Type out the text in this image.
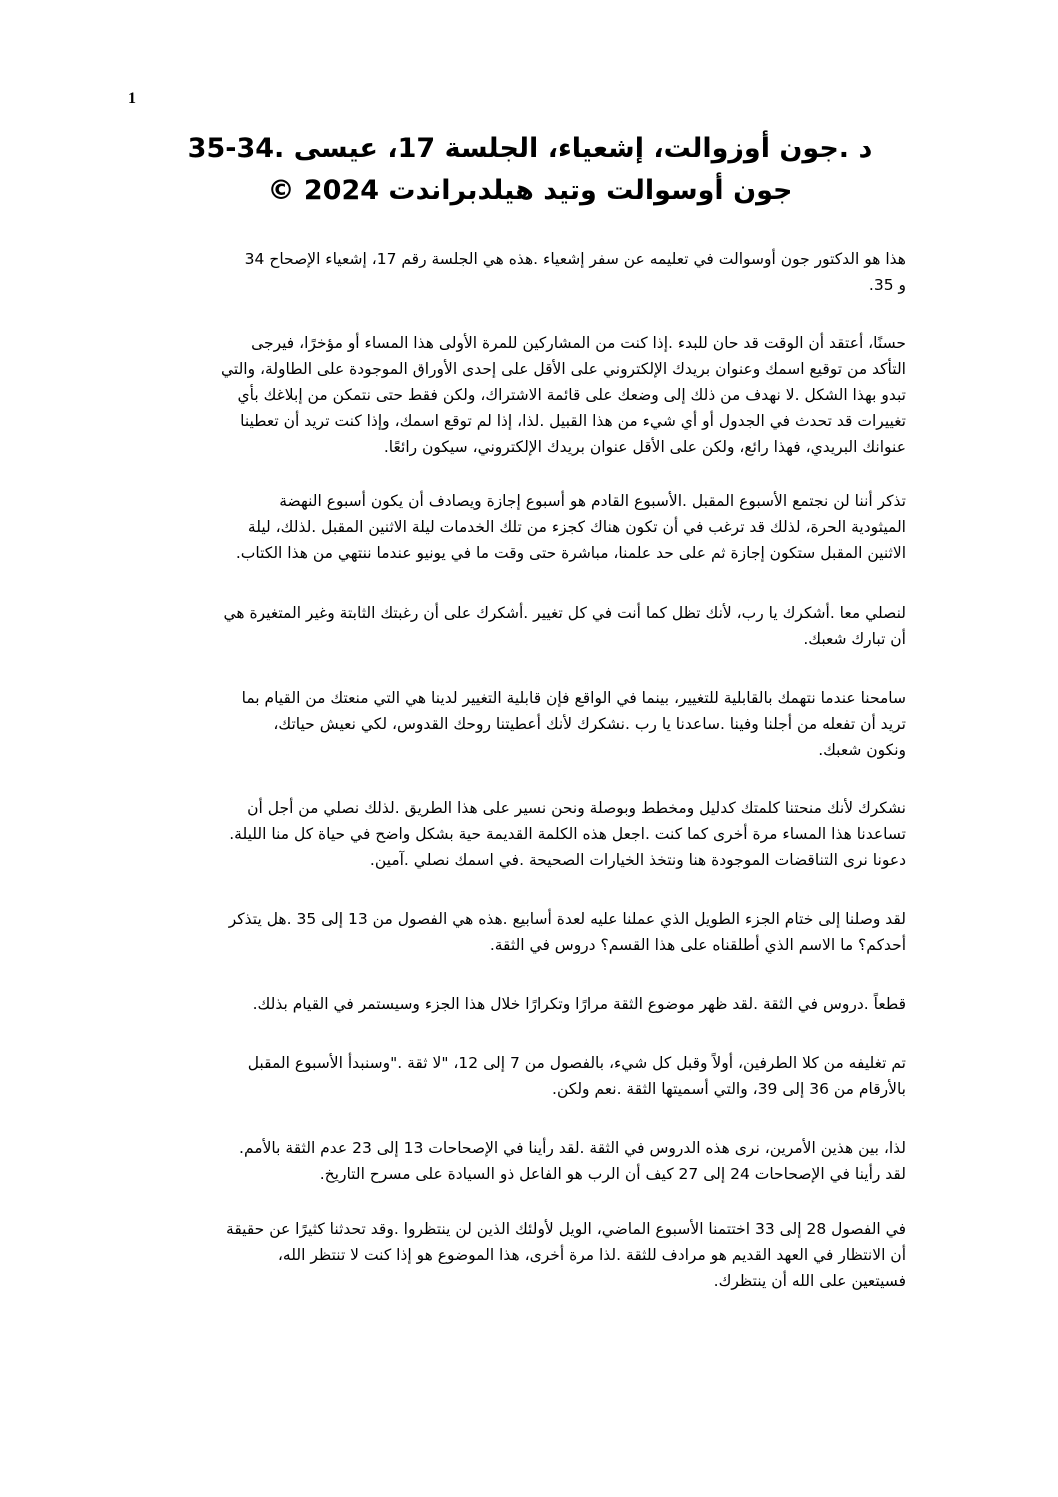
1
د .جون أوزوالت، إشعياء، الجلسة 17، عيسى .34-35
جون أوسوالت وتيد هيلدبراندت 2024 ©
هذا هو الدكتور جون أوسوالت في تعليمه عن سفر إشعياء .هذه هي الجلسة رقم 17، إشعياء الإصحاح 34
و 35.
حسنًا، أعتقد أن الوقت قد حان للبدء .إذا كنت من المشاركين للمرة الأولى هذا المساء أو مؤخرًا، فيرجى
التأكد من توقيع اسمك وعنوان بريدك الإلكتروني على الأقل على إحدى الأوراق الموجودة على الطاولة، والتي
تبدو بهذا الشكل .لا نهدف من ذلك إلى وضعك على قائمة الاشتراك، ولكن فقط حتى نتمكن من إبلاغك بأي
تغييرات قد تحدث في الجدول أو أي شيء من هذا القبيل .لذا، إذا لم توقع اسمك، وإذا كنت تريد أن تعطينا
عنوانك البريدي، فهذا رائع، ولكن على الأقل عنوان بريدك الإلكتروني، سيكون رائعًا.
تذكر أننا لن نجتمع الأسبوع المقبل .الأسبوع القادم هو أسبوع إجازة ويصادف أن يكون أسبوع النهضة
الميثودية الحرة، لذلك قد ترغب في أن تكون هناك كجزء من تلك الخدمات ليلة الاثنين المقبل .لذلك، ليلة
الاثنين المقبل ستكون إجازة ثم على حد علمنا، مباشرة حتى وقت ما في يونيو عندما ننتهي من هذا الكتاب.
لنصلي معا .أشكرك يا رب، لأنك تظل كما أنت في كل تغيير .أشكرك على أن رغبتك الثابتة وغير المتغيرة هي
أن تبارك شعبك.
سامحنا عندما نتهمك بالقابلية للتغيير، بينما في الواقع فإن قابلية التغيير لدينا هي التي منعتك من القيام بما
تريد أن تفعله من أجلنا وفينا .ساعدنا يا رب .نشكرك لأنك أعطيتنا روحك القدوس، لكي نعيش حياتك،
ونكون شعبك.
نشكرك لأنك منحتنا كلمتك كدليل ومخطط وبوصلة ونحن نسير على هذا الطريق .لذلك نصلي من أجل أن
تساعدنا هذا المساء مرة أخرى كما كنت .اجعل هذه الكلمة القديمة حية بشكل واضح في حياة كل منا الليلة.
دعونا نرى التناقضات الموجودة هنا ونتخذ الخيارات الصحيحة .في اسمك نصلي .آمين.
لقد وصلنا إلى ختام الجزء الطويل الذي عملنا عليه لعدة أسابيع .هذه هي الفصول من 13 إلى 35 .هل يتذكر
أحدكم؟ ما الاسم الذي أطلقناه على هذا القسم؟ دروس في الثقة.
قطعاً .دروس في الثقة .لقد ظهر موضوع الثقة مرارًا وتكرارًا خلال هذا الجزء وسيستمر في القيام بذلك.
تم تغليفه من كلا الطرفين، أولاً وقبل كل شيء، بالفصول من 7 إلى 12، "لا ثقة ."وسنبدأ الأسبوع المقبل
بالأرقام من 36 إلى 39، والتي أسميتها الثقة .نعم ولكن.
لذا، بين هذين الأمرين، نرى هذه الدروس في الثقة .لقد رأينا في الإصحاحات 13 إلى 23 عدم الثقة بالأمم.
لقد رأينا في الإصحاحات 24 إلى 27 كيف أن الرب هو الفاعل ذو السيادة على مسرح التاريخ.
في الفصول 28 إلى 33 اختتمنا الأسبوع الماضي، الويل لأولئك الذين لن ينتظروا .وقد تحدثنا كثيرًا عن حقيقة
أن الانتظار في العهد القديم هو مرادف للثقة .لذا مرة أخرى، هذا الموضوع هو إذا كنت لا تنتظر الله،
فسيتعين على الله أن ينتظرك.
